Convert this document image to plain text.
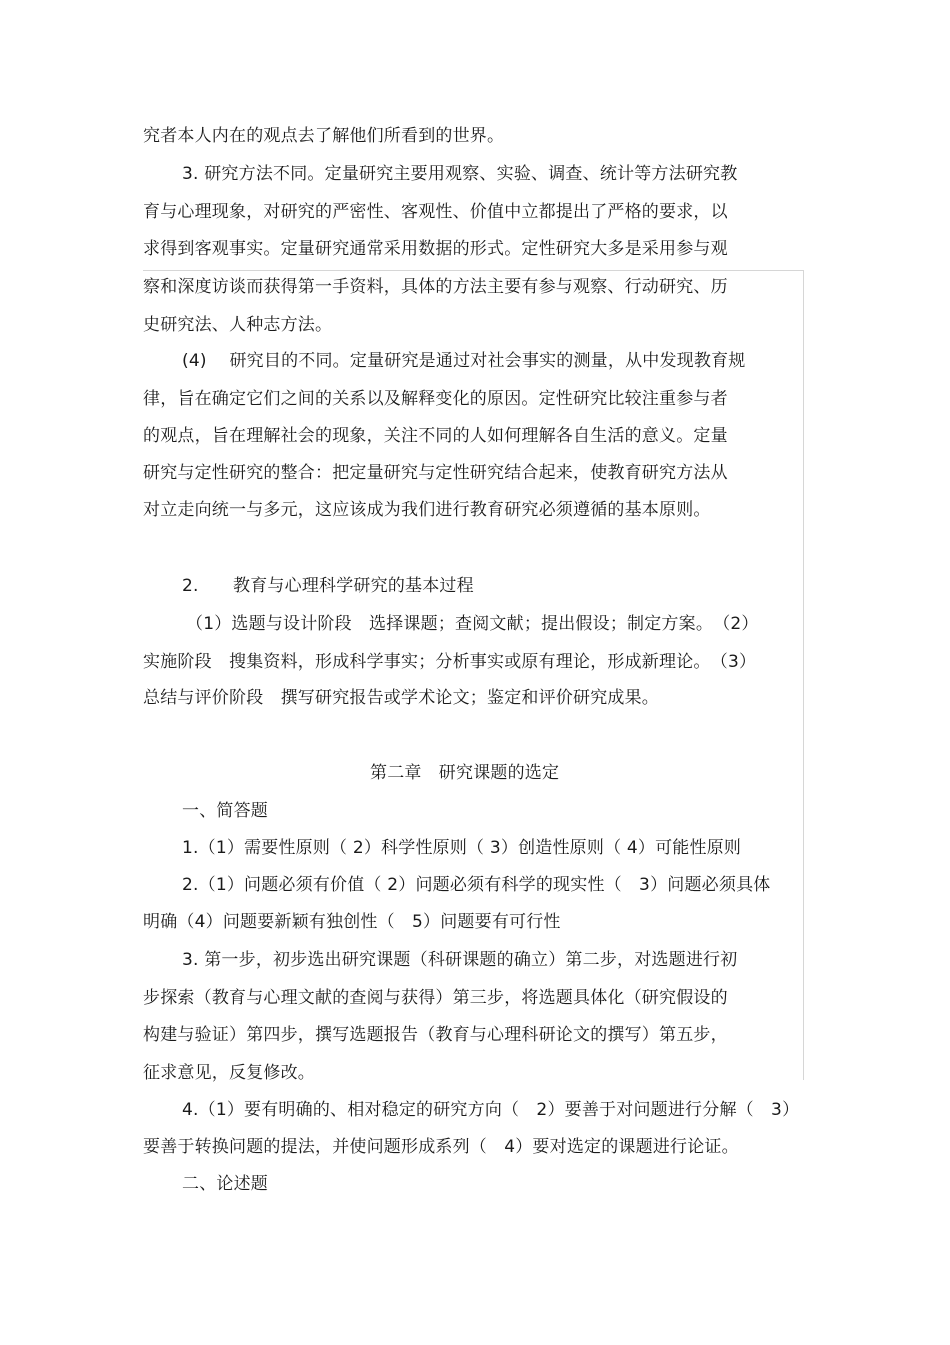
究者本人内在的观点去了解他们所看到的世界。
3. 研究方法不同。定量研究主要用观察、实验、调查、统计等方法研究教
育与心理现象，对研究的严密性、客观性、价值中立都提出了严格的要求，以
求得到客观事实。定量研究通常采用数据的形式。定性研究大多是采用参与观
察和深度访谈而获得第一手资料，具体的方法主要有参与观察、行动研究、历
史研究法、人种志方法。
(4)　 研究目的不同。定量研究是通过对社会事实的测量，从中发现教育规
律，旨在确定它们之间的关系以及解释变化的原因。定性研究比较注重参与者
的观点，旨在理解社会的现象，关注不同的人如何理解各自生活的意义。定量
研究与定性研究的整合：把定量研究与定性研究结合起来，使教育研究方法从
对立走向统一与多元，这应该成为我们进行教育研究必须遵循的基本原则。
2.　　教育与心理科学研究的基本过程
（1）选题与设计阶段　选择课题；查阅文献；提出假设；制定方案。　（2）
实施阶段　搜集资料，形成科学事实；分析事实或原有理论，形成新理论。　（3）
总结与评价阶段　撰写研究报告或学术论文；鉴定和评价研究成果。
第二章　研究课题的选定
一、简答题
1.（1）需要性原则（ 2）科学性原则（ 3）创造性原则（ 4）可能性原则
2.（1）问题必须有价值（ 2）问题必须有科学的现实性（　3）问题必须具体
明确（4）问题要新颖有独创性（　5）问题要有可行性
3. 第一步，初步选出研究课题（科研课题的确立）第二步，对选题进行初
步探索（教育与心理文献的查阅与获得）第三步，将选题具体化（研究假设的
构建与验证）第四步，撰写选题报告（教育与心理科研论文的撰写）第五步，
征求意见，反复修改。
4.（1）要有明确的、相对稳定的研究方向（　2）要善于对问题进行分解（　3）
要善于转换问题的提法，并使问题形成系列（　4）要对选定的课题进行论证。
二、论述题
